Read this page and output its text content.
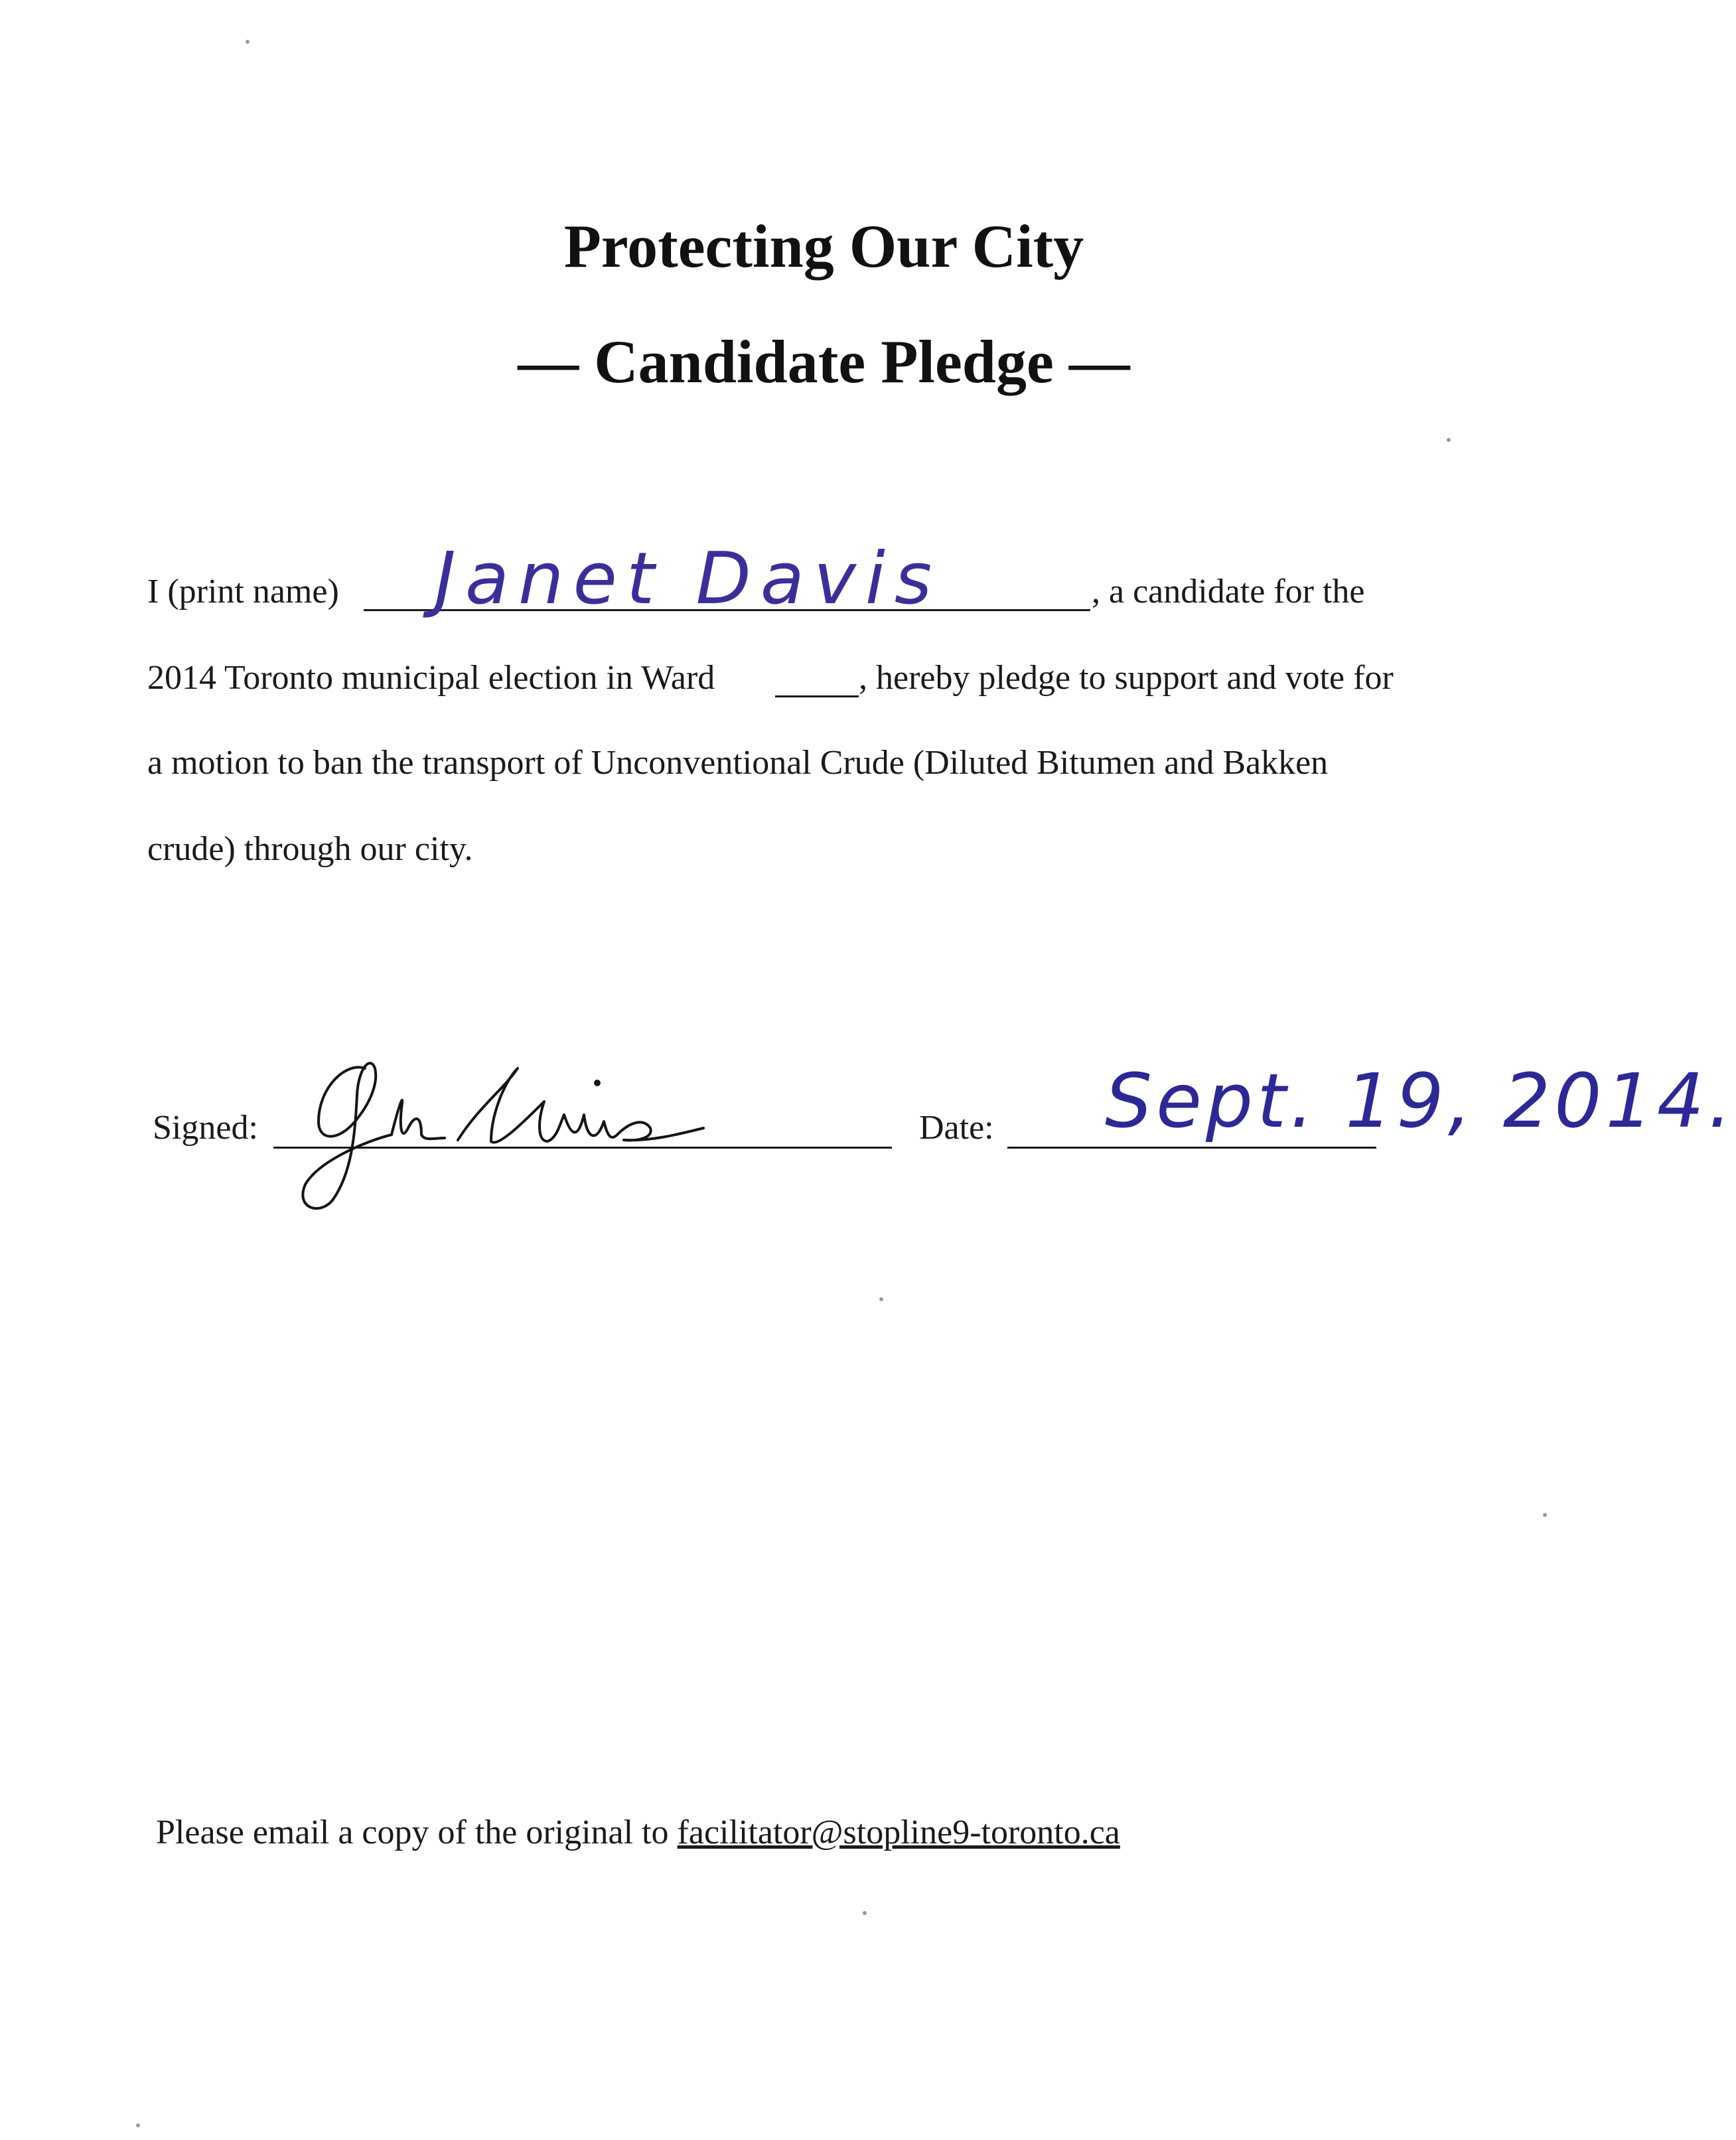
Protecting Our City
— Candidate Pledge —
I (print name) Janet Davis	, a candidate for the
2014 Toronto municipal election in Ward	, hereby pledge to support and vote for
a motion to ban the transport of Unconventional Crude (Diluted Bitumen and Bakken
crude) through our city.
Signed:	Date: Sept. 19, 2014.
Please email a copy of the original to facilitator@stopline9-toronto.ca
